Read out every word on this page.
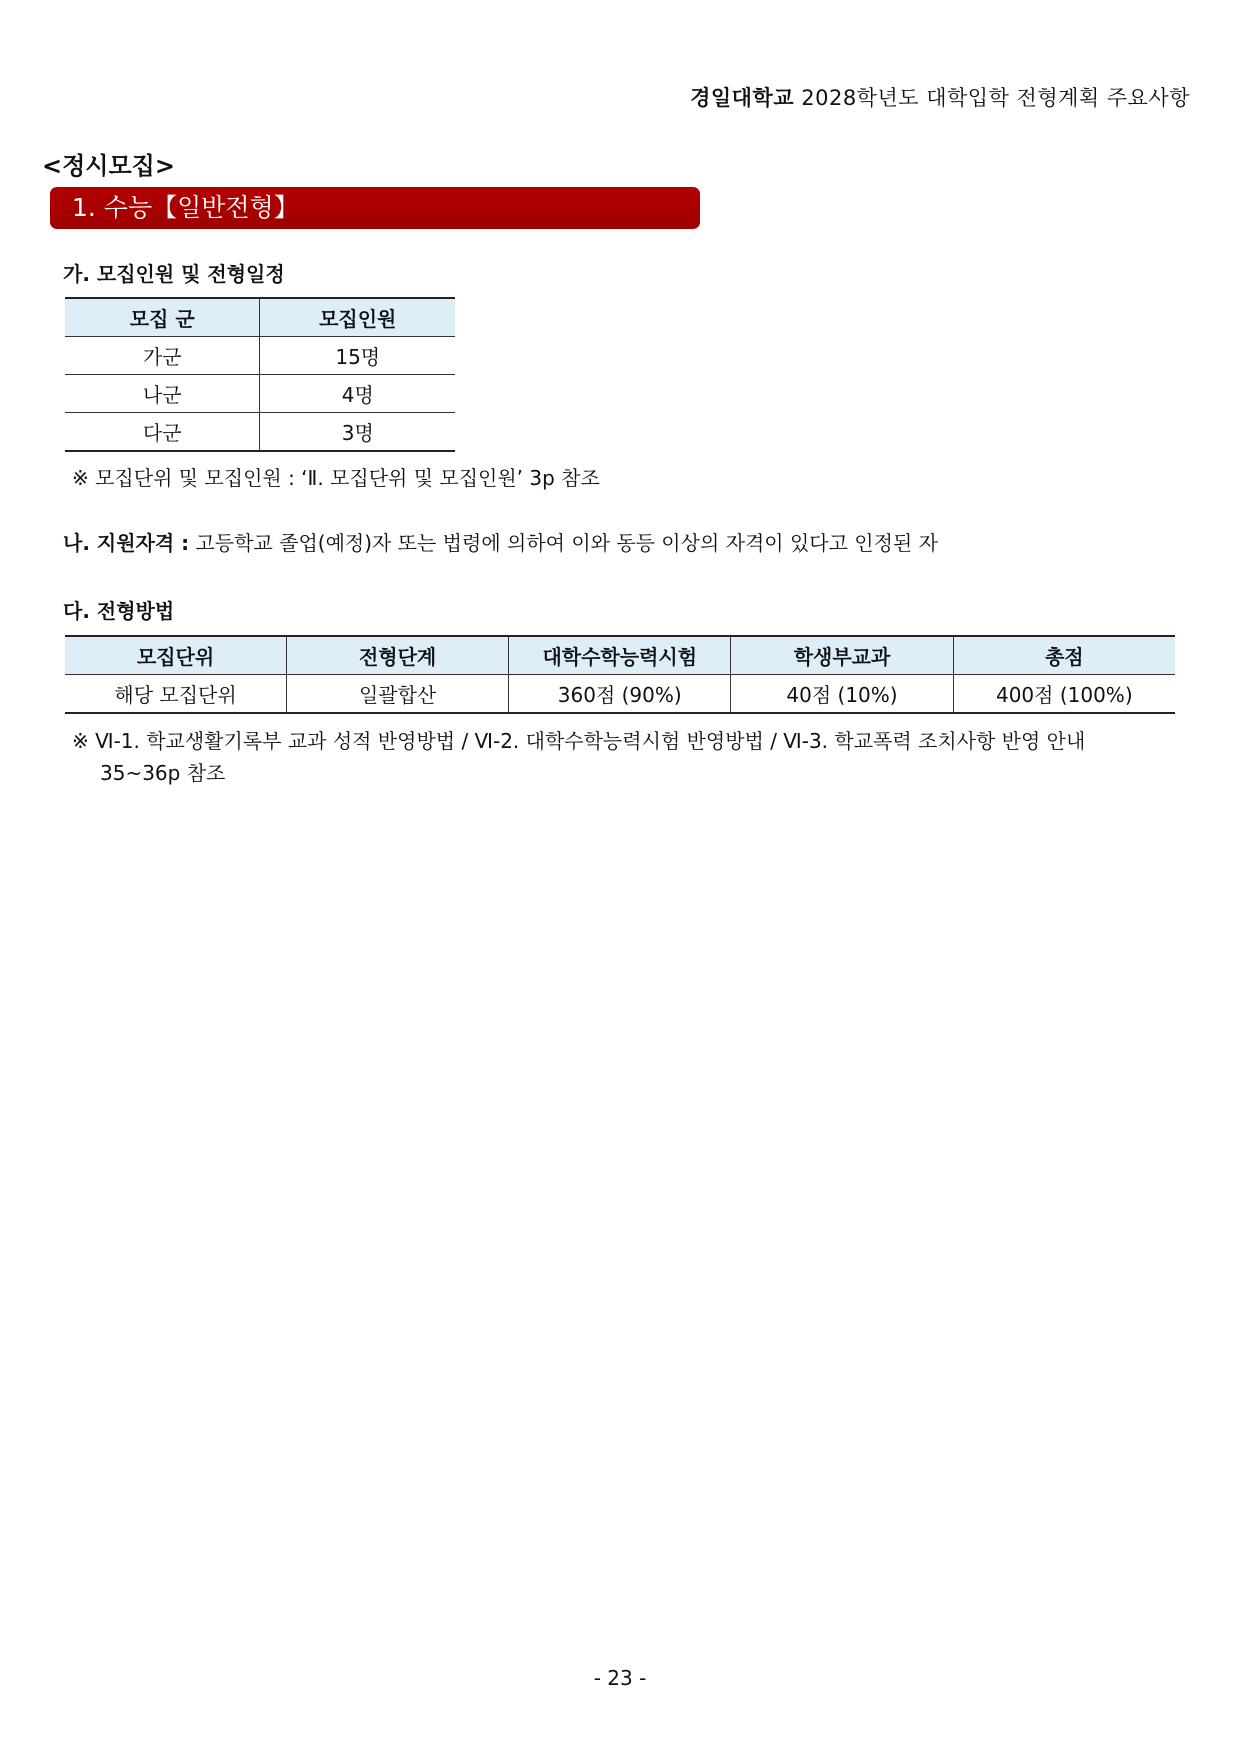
경일대학교 2028학년도 대학입학 전형계획 주요사항
<정시모집>
1. 수능【일반전형】
가. 모집인원 및 전형일정
모집 군	모집인원
가군	15명
나군	4명
다군	3명
※ 모집단위 및 모집인원 : ‘Ⅱ. 모집단위 및 모집인원’ 3p 참조
나. 지원자격 : 고등학교 졸업(예정)자 또는 법령에 의하여 이와 동등 이상의 자격이 있다고 인정된 자
다. 전형방법
모집단위	전형단계	대학수학능력시험	학생부교과	총점
해당 모집단위	일괄합산	360점 (90%)	40점 (10%)	400점 (100%)
※ Ⅵ-1. 학교생활기록부 교과 성적 반영방법 / Ⅵ-2. 대학수학능력시험 반영방법 / Ⅵ-3. 학교폭력 조치사항 반영 안내
35~36p 참조
- 23 -
